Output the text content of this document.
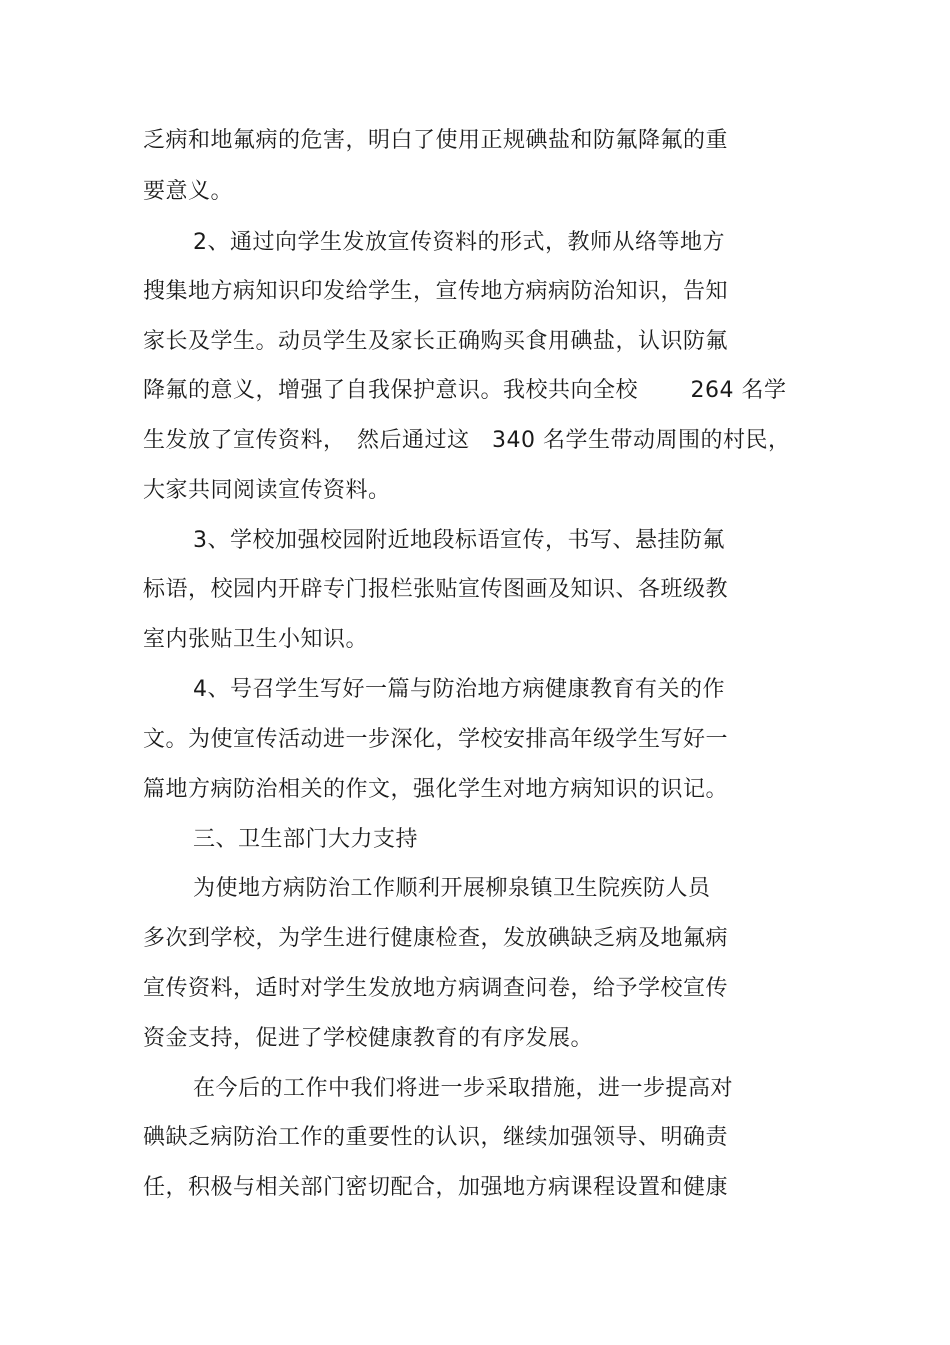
乏病和地氟病的危害，明白了使用正规碘盐和防氟降氟的重
要意义。
2、通过向学生发放宣传资料的形式，教师从络等地方
搜集地方病知识印发给学生，宣传地方病病防治知识，告知
家长及学生。动员学生及家长正确购买食用碘盐，认识防氟
降氟的意义，增强了自我保护意识。我校共向全校　　 264 名学
生发放了宣传资料，　然后通过这　340 名学生带动周围的村民，
大家共同阅读宣传资料。
3、学校加强校园附近地段标语宣传，书写、悬挂防氟
标语，校园内开辟专门报栏张贴宣传图画及知识、各班级教
室内张贴卫生小知识。
4、号召学生写好一篇与防治地方病健康教育有关的作
文。为使宣传活动进一步深化，学校安排高年级学生写好一
篇地方病防治相关的作文，强化学生对地方病知识的识记。
三、卫生部门大力支持
为使地方病防治工作顺利开展柳泉镇卫生院疾防人员
多次到学校，为学生进行健康检查，发放碘缺乏病及地氟病
宣传资料，适时对学生发放地方病调查问卷，给予学校宣传
资金支持，促进了学校健康教育的有序发展。
在今后的工作中我们将进一步采取措施，进一步提高对
碘缺乏病防治工作的重要性的认识，继续加强领导、明确责
任，积极与相关部门密切配合，加强地方病课程设置和健康
